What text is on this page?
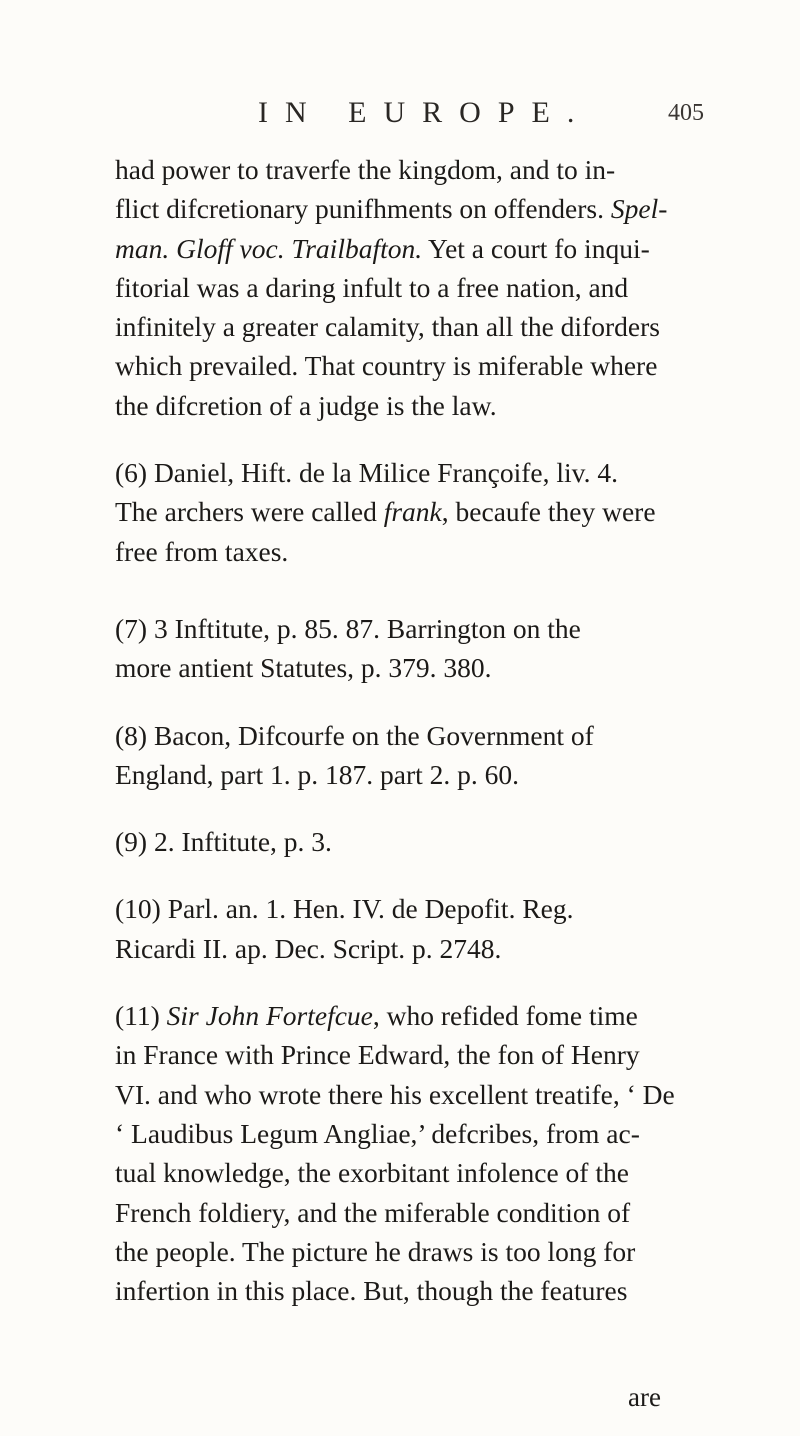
IN EUROPE.	405

had power to traverfe the kingdom, and to in-
flict difcretionary punifhments on offenders. Spel-
man. Gloff voc. Trailbafton. Yet a court fo inqui-
fitorial was a daring infult to a free nation, and
infinitely a greater calamity, than all the diforders
which prevailed. That country is miferable where
the difcretion of a judge is the law.

(6) Daniel, Hift. de la Milice Françoife, liv. 4.
The archers were called frank, becaufe they were
free from taxes.

(7) 3 Inftitute, p. 85. 87. Barrington on the
more antient Statutes, p. 379. 380.

(8) Bacon, Difcourfe on the Government of
England, part 1. p. 187. part 2. p. 60.

(9) 2. Inftitute, p. 3.

(10) Parl. an. 1. Hen. IV. de Depofit. Reg.
Ricardi II. ap. Dec. Script. p. 2748.

(11) Sir John Fortefcue, who refided fome time
in France with Prince Edward, the fon of Henry
VI. and who wrote there his excellent treatife, ‘ De
‘ Laudibus Legum Angliae,’ defcribes, from ac-
tual knowledge, the exorbitant infolence of the
French foldiery, and the miferable condition of
the people. The picture he draws is too long for
infertion in this place. But, though the features

are
